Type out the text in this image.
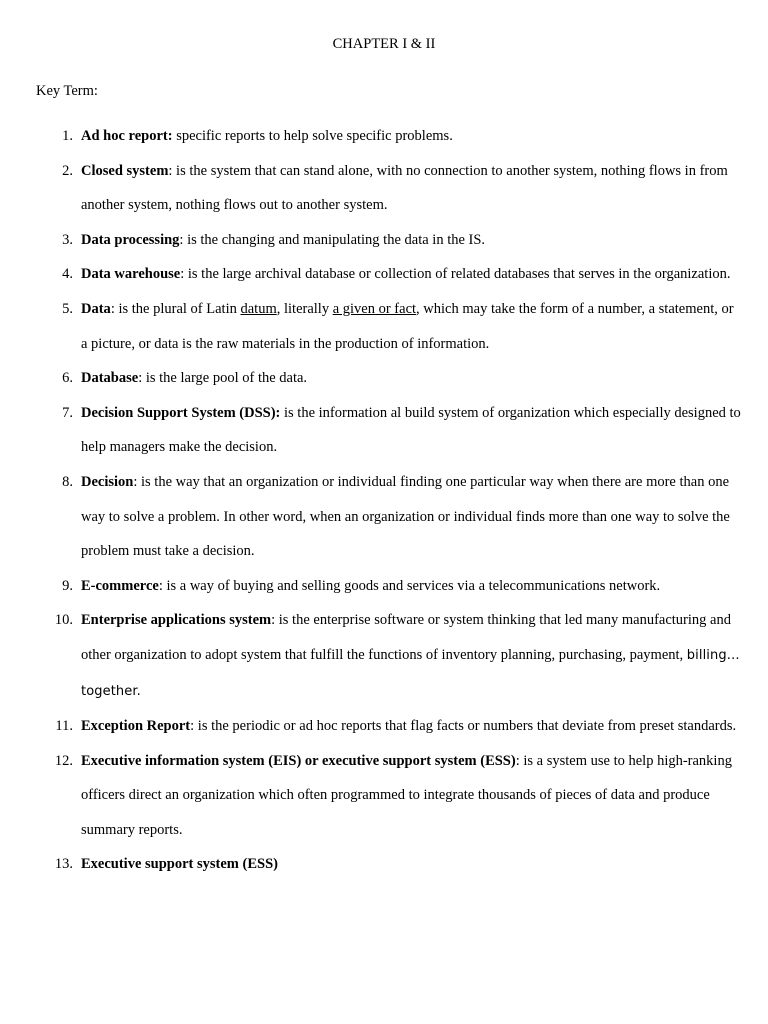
CHAPTER I & II
Key Term:
1. Ad hoc report: specific reports to help solve specific problems.
2. Closed system: is the system that can stand alone, with no connection to another system, nothing flows in from another system, nothing flows out to another system.
3. Data processing: is the changing and manipulating the data in the IS.
4. Data warehouse: is the large archival database or collection of related databases that serves in the organization.
5. Data: is the plural of Latin datum, literally a given or fact, which may take the form of a number, a statement, or a picture, or data is the raw materials in the production of information.
6. Database: is the large pool of the data.
7. Decision Support System (DSS): is the information al build system of organization which especially designed to help managers make the decision.
8. Decision: is the way that an organization or individual finding one particular way when there are more than one way to solve a problem. In other word, when an organization or individual finds more than one way to solve the problem must take a decision.
9. E-commerce: is a way of buying and selling goods and services via a telecommunications network.
10. Enterprise applications system: is the enterprise software or system thinking that led many manufacturing and other organization to adopt system that fulfill the functions of inventory planning, purchasing, payment, billing…together.
11. Exception Report: is the periodic or ad hoc reports that flag facts or numbers that deviate from preset standards.
12. Executive information system (EIS) or executive support system (ESS): is a system use to help high-ranking officers direct an organization which often programmed to integrate thousands of pieces of data and produce summary reports.
13. Executive support system (ESS)
